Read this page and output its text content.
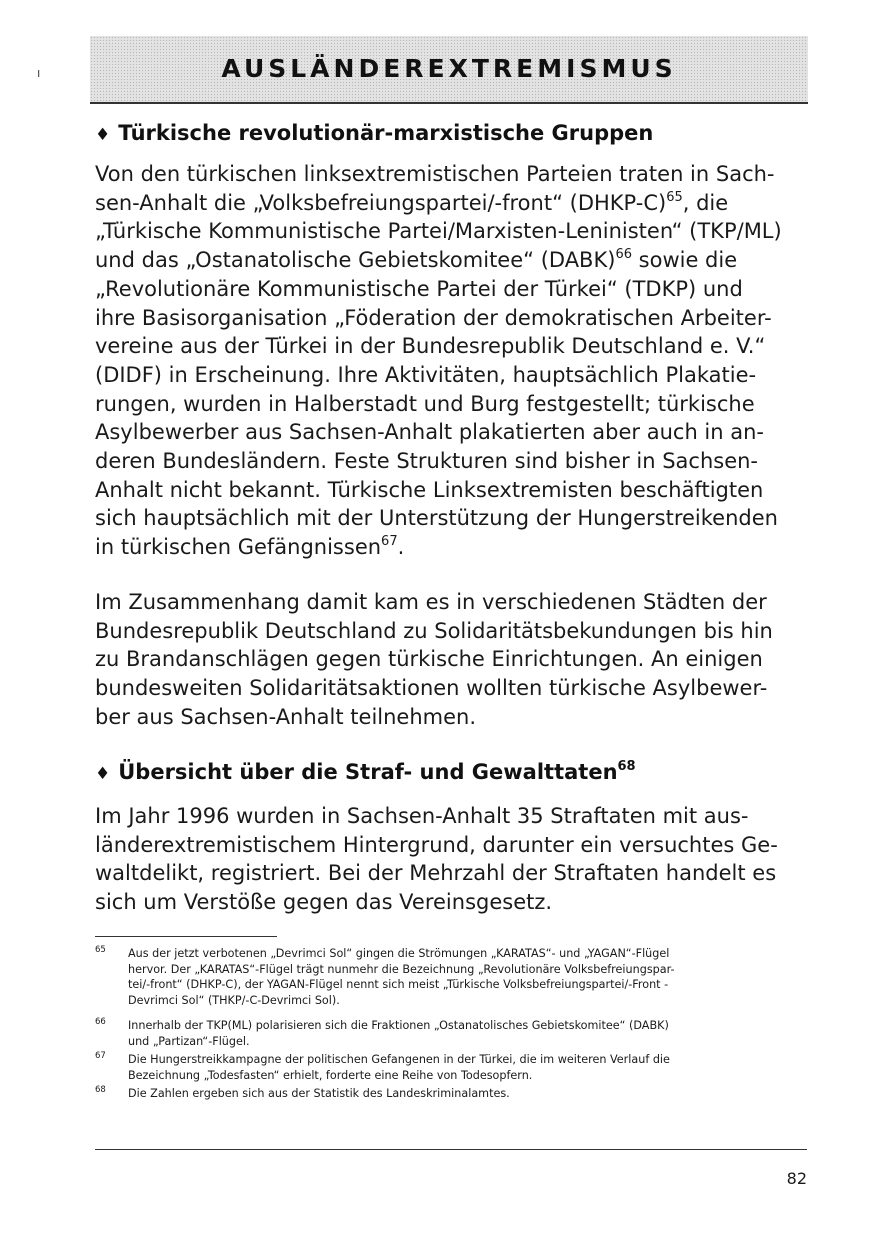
AUSLÄNDEREXTREMISMUS
ı
♦ Türkische revolutionär-marxistische Gruppen
Von den türkischen linksextremistischen Parteien traten in Sach-
sen-Anhalt die „Volksbefreiungspartei/-front“ (DHKP-C)$^{65}$, die
„Türkische Kommunistische Partei/Marxisten-Leninisten“ (TKP/ML)
und das „Ostanatolische Gebietskomitee“ (DABK)$^{66}$ sowie die
„Revolutionäre Kommunistische Partei der Türkei“ (TDKP) und
ihre Basisorganisation „Föderation der demokratischen Arbeiter-
vereine aus der Türkei in der Bundesrepublik Deutschland e. V.“
(DIDF) in Erscheinung. Ihre Aktivitäten, hauptsächlich Plakatie-
rungen, wurden in Halberstadt und Burg festgestellt; türkische
Asylbewerber aus Sachsen-Anhalt plakatierten aber auch in an-
deren Bundesländern. Feste Strukturen sind bisher in Sachsen-
Anhalt nicht bekannt. Türkische Linksextremisten beschäftigten
sich hauptsächlich mit der Unterstützung der Hungerstreikenden
in türkischen Gefängnissen$^{67}$.
Im Zusammenhang damit kam es in verschiedenen Städten der
Bundesrepublik Deutschland zu Solidaritätsbekundungen bis hin
zu Brandanschlägen gegen türkische Einrichtungen. An einigen
bundesweiten Solidaritätsaktionen wollten türkische Asylbewer-
ber aus Sachsen-Anhalt teilnehmen.
♦ Übersicht über die Straf- und Gewalttaten$^{68}$
Im Jahr 1996 wurden in Sachsen-Anhalt 35 Straftaten mit aus-
länderextremistischem Hintergrund, darunter ein versuchtes Ge-
waltdelikt, registriert. Bei der Mehrzahl der Straftaten handelt es
sich um Verstöße gegen das Vereinsgesetz.
65 Aus der jetzt verbotenen „Devrimci Sol“ gingen die Strömungen „KARATAS“- und „YAGAN“-Flügel
hervor. Der „KARATAS“-Flügel trägt nunmehr die Bezeichnung „Revolutionäre Volksbefreiungspar-
tei/-front“ (DHKP-C), der YAGAN-Flügel nennt sich meist „Türkische Volksbefreiungspartei/-Front -
Devrimci Sol“ (THKP/-C-Devrimci Sol).
66 Innerhalb der TKP(ML) polarisieren sich die Fraktionen „Ostanatolisches Gebietskomitee“ (DABK)
und „Partizan“-Flügel.
67 Die Hungerstreikkampagne der politischen Gefangenen in der Türkei, die im weiteren Verlauf die
Bezeichnung „Todesfasten“ erhielt, forderte eine Reihe von Todesopfern.
68 Die Zahlen ergeben sich aus der Statistik des Landeskriminalamtes.
82
